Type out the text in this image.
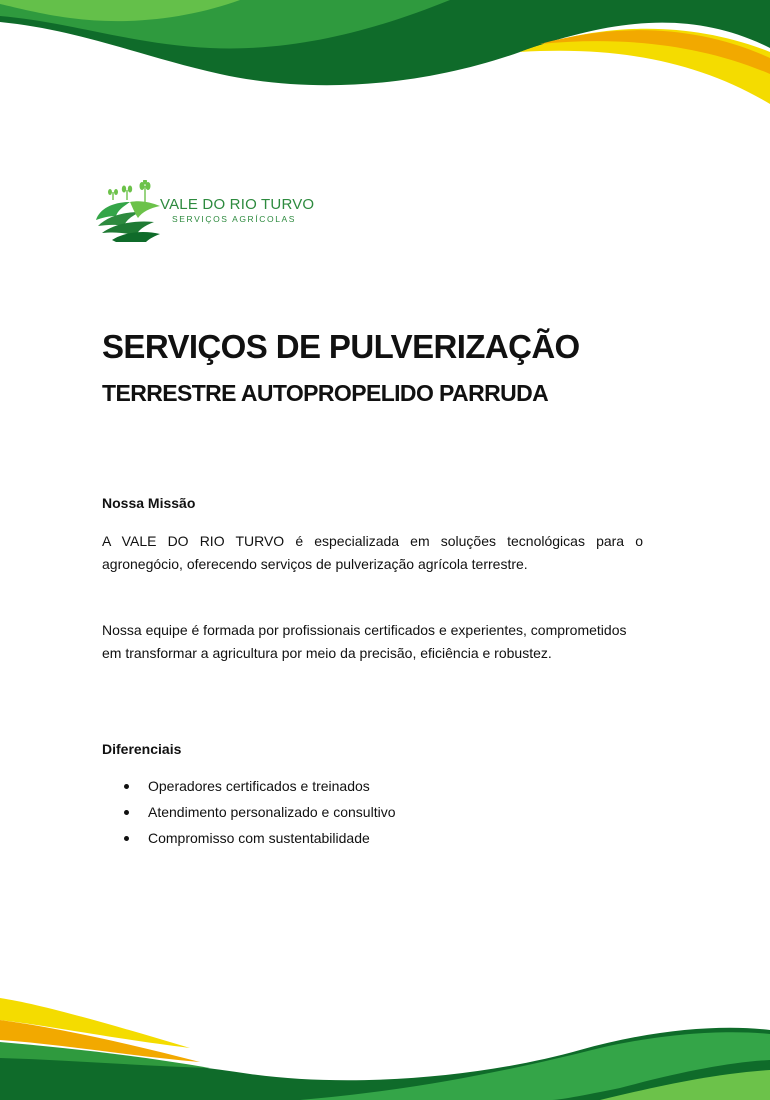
VALE DO RIO TURVO
SERVIÇOS AGRÍCOLAS
SERVIÇOS DE PULVERIZAÇÃO
TERRESTRE AUTOPROPELIDO PARRUDA
Nossa Missão

A VALE DO RIO TURVO é especializada em soluções tecnológicas para o agronegócio, oferecendo serviços de pulverização agrícola terrestre.

Nossa equipe é formada por profissionais certificados e experientes, comprometidos em transformar a agricultura por meio da precisão, eficiência e robustez.

Diferenciais
Operadores certificados e treinados
Atendimento personalizado e consultivo
Compromisso com sustentabilidade
